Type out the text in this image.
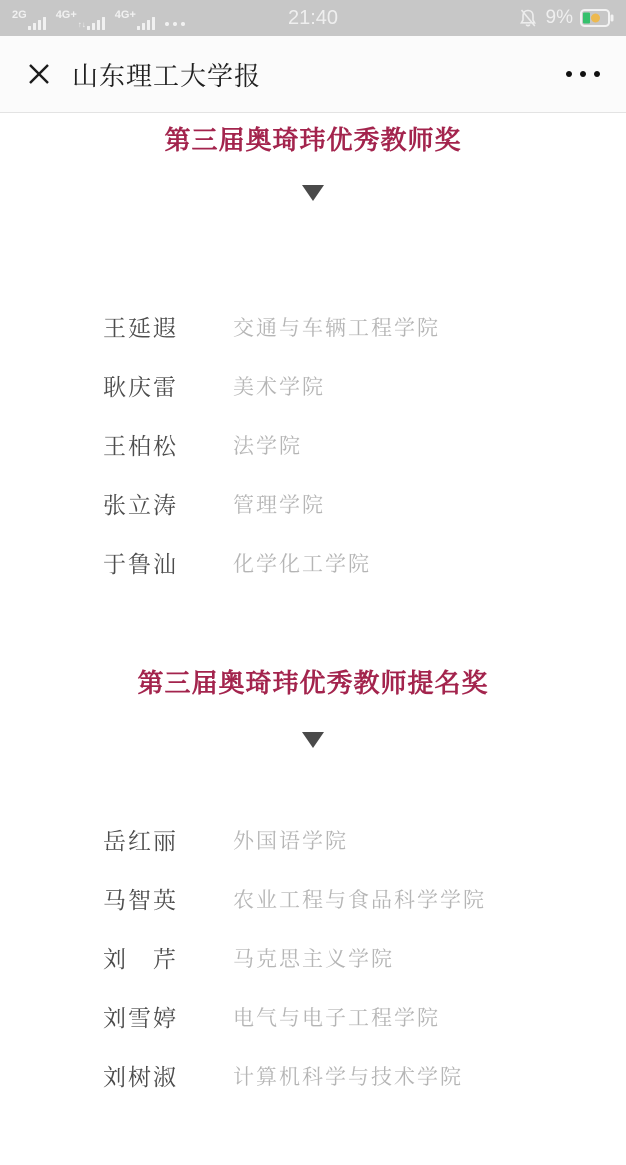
2G	4G+
↑↓
4G+	21:40	9%
山东理工大学报
第三届奥琦玮优秀教师奖
王延遐	交通与车辆工程学院
耿庆雷	美术学院
王柏松	法学院
张立涛	管理学院
于鲁汕	化学化工学院
第三届奥琦玮优秀教师提名奖
岳红丽	外国语学院
马智英	农业工程与食品科学学院
刘　芹	马克思主义学院
刘雪婷	电气与电子工程学院
刘树淑	计算机科学与技术学院
